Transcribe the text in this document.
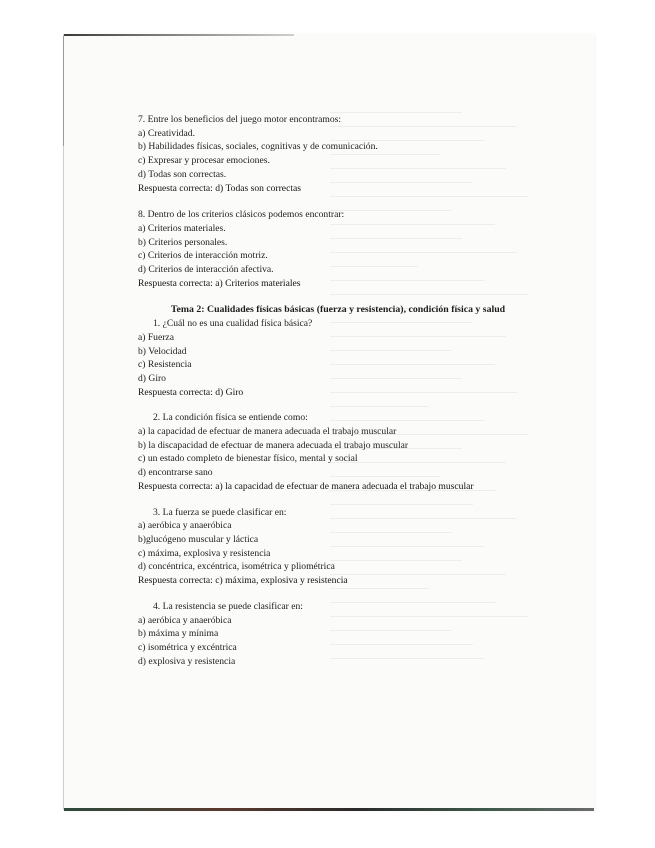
7. Entre los beneficios del juego motor encontramos:

a) Creatividad.

b) Habilidades físicas, sociales, cognitivas y de comunicación.

c) Expresar y procesar emociones.

d) Todas son correctas.

Respuesta correcta: d) Todas son correctas

8. Dentro de los criterios clásicos podemos encontrar:

a) Criterios materiales.

b) Criterios personales.

c) Criterios de interacción motriz.

d) Criterios de interacción afectiva.

Respuesta correcta: a) Criterios materiales

Tema 2: Cualidades físicas básicas (fuerza y resistencia), condición física y salud

1. ¿Cuál no es una cualidad física básica?

a) Fuerza

b) Velocidad

c) Resistencia

d) Giro

Respuesta correcta: d) Giro

2. La condición física se entiende como:

a) la capacidad de efectuar de manera adecuada el trabajo muscular

b) la discapacidad de efectuar de manera adecuada el trabajo muscular

c) un estado completo de bienestar físico, mental y social

d) encontrarse sano

Respuesta correcta: a) la capacidad de efectuar de manera adecuada el trabajo muscular

3. La fuerza se puede clasificar en:

a) aeróbica y anaeróbica

b)glucógeno muscular y láctica

c) máxima, explosiva y resistencia

d) concéntrica, excéntrica, isométrica y pliométrica

Respuesta correcta: c) máxima, explosiva y resistencia

4. La resistencia se puede clasificar en:

a) aeróbica y anaeróbica

b) máxima y mínima

c) isométrica y excéntrica

d) explosiva y resistencia
